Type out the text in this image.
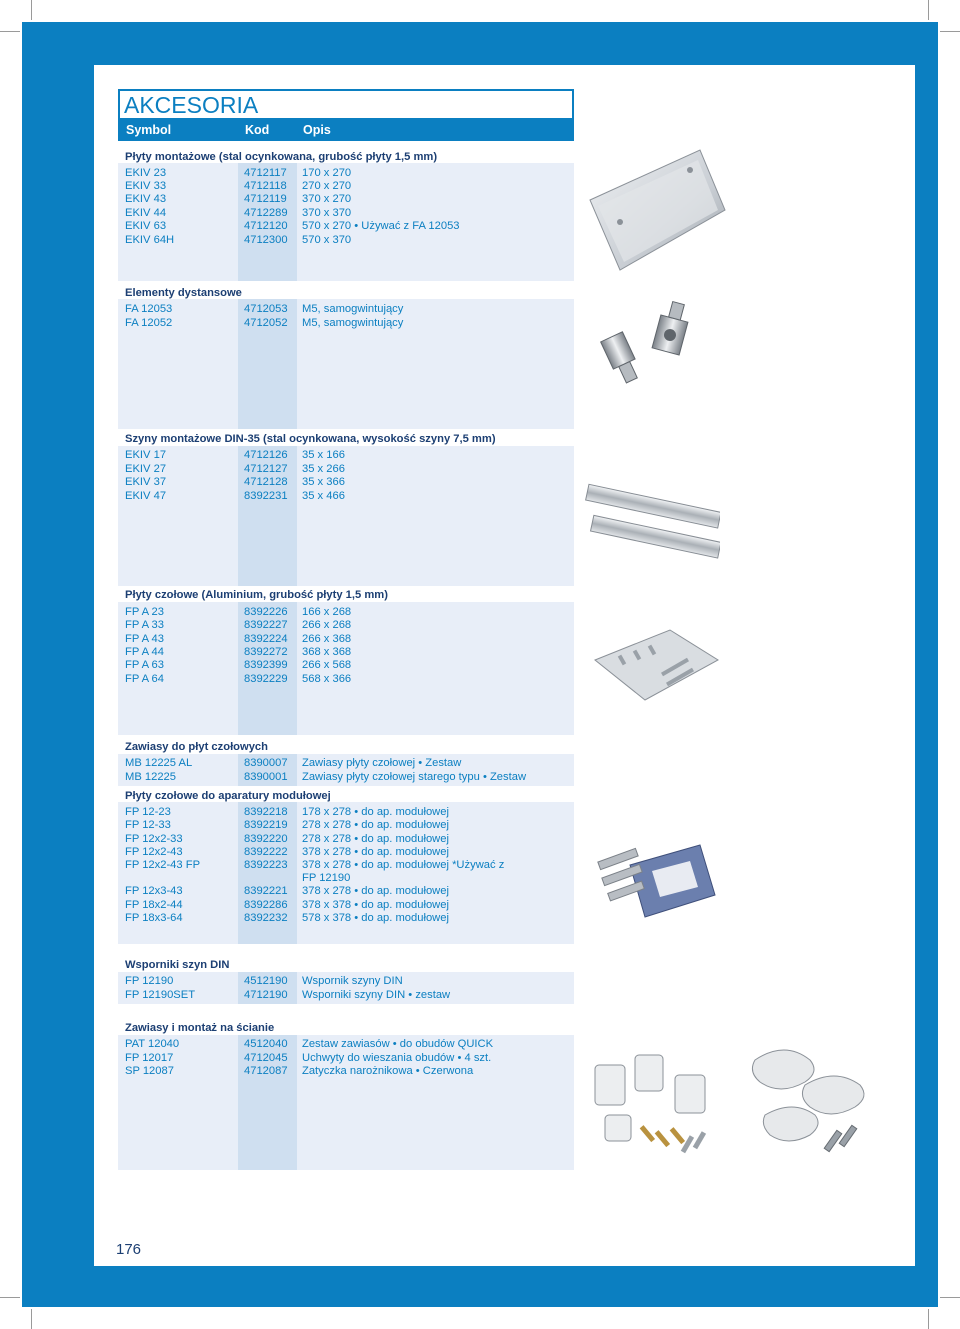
AKCESORIA
Symbol	Kod	Opis
Płyty montażowe (stal ocynkowana, grubość płyty 1,5 mm)
EKIV 23	4712117 170 x 270
EKIV 33	4712118 270 x 270
EKIV 43	4712119 370 x 270
EKIV 44	4712289 370 x 370
EKIV 63	4712120 570 x 270 • Używać z FA 12053
EKIV 64H	4712300 570 x 370
Elementy dystansowe
FA 12053	4712053 M5, samogwintujący
FA 12052	4712052 M5, samogwintujący
Szyny montażowe DIN-35 (stal ocynkowana, wysokość szyny 7,5 mm)
EKIV 17	4712126 35 x 166
EKIV 27	4712127 35 x 266
EKIV 37	4712128 35 x 366
EKIV 47	8392231 35 x 466
Płyty czołowe (Aluminium, grubość płyty 1,5 mm)
FP A 23	8392226 166 x 268
FP A 33	8392227 266 x 268
FP A 43	8392224 266 x 368
FP A 44	8392272 368 x 368
FP A 63	8392399 266 x 568
FP A 64	8392229 568 x 366
Zawiasy do płyt czołowych
MB 12225 AL	8390007 Zawiasy płyty czołowej • Zestaw
MB 12225	8390001 Zawiasy płyty czołowej starego typu • Zestaw
Płyty czołowe do aparatury modułowej
FP 12-23	8392218 178 x 278 • do ap. modułowej
FP 12-33	8392219 278 x 278 • do ap. modułowej
FP 12x2-33	8392220 278 x 278 • do ap. modułowej
FP 12x2-43	8392222 378 x 278 • do ap. modułowej
FP 12x2-43 FP	8392223 378 x 278 • do ap. modułowej *Używać z
FP 12190
FP 12x3-43	8392221 378 x 278 • do ap. modułowej
FP 18x2-44	8392286 378 x 378 • do ap. modułowej
FP 18x3-64	8392232 578 x 378 • do ap. modułowej
Wsporniki szyn DIN
FP 12190	4512190 Wspornik szyny DIN
FP 12190SET	4712190 Wsporniki szyny DIN • zestaw
Zawiasy i montaż na ścianie
PAT 12040	4512040 Zestaw zawiasów • do obudów QUICK
FP 12017	4712045 Uchwyty do wieszania obudów • 4 szt.
SP 12087	4712087 Zatyczka narożnikowa • Czerwona
176
